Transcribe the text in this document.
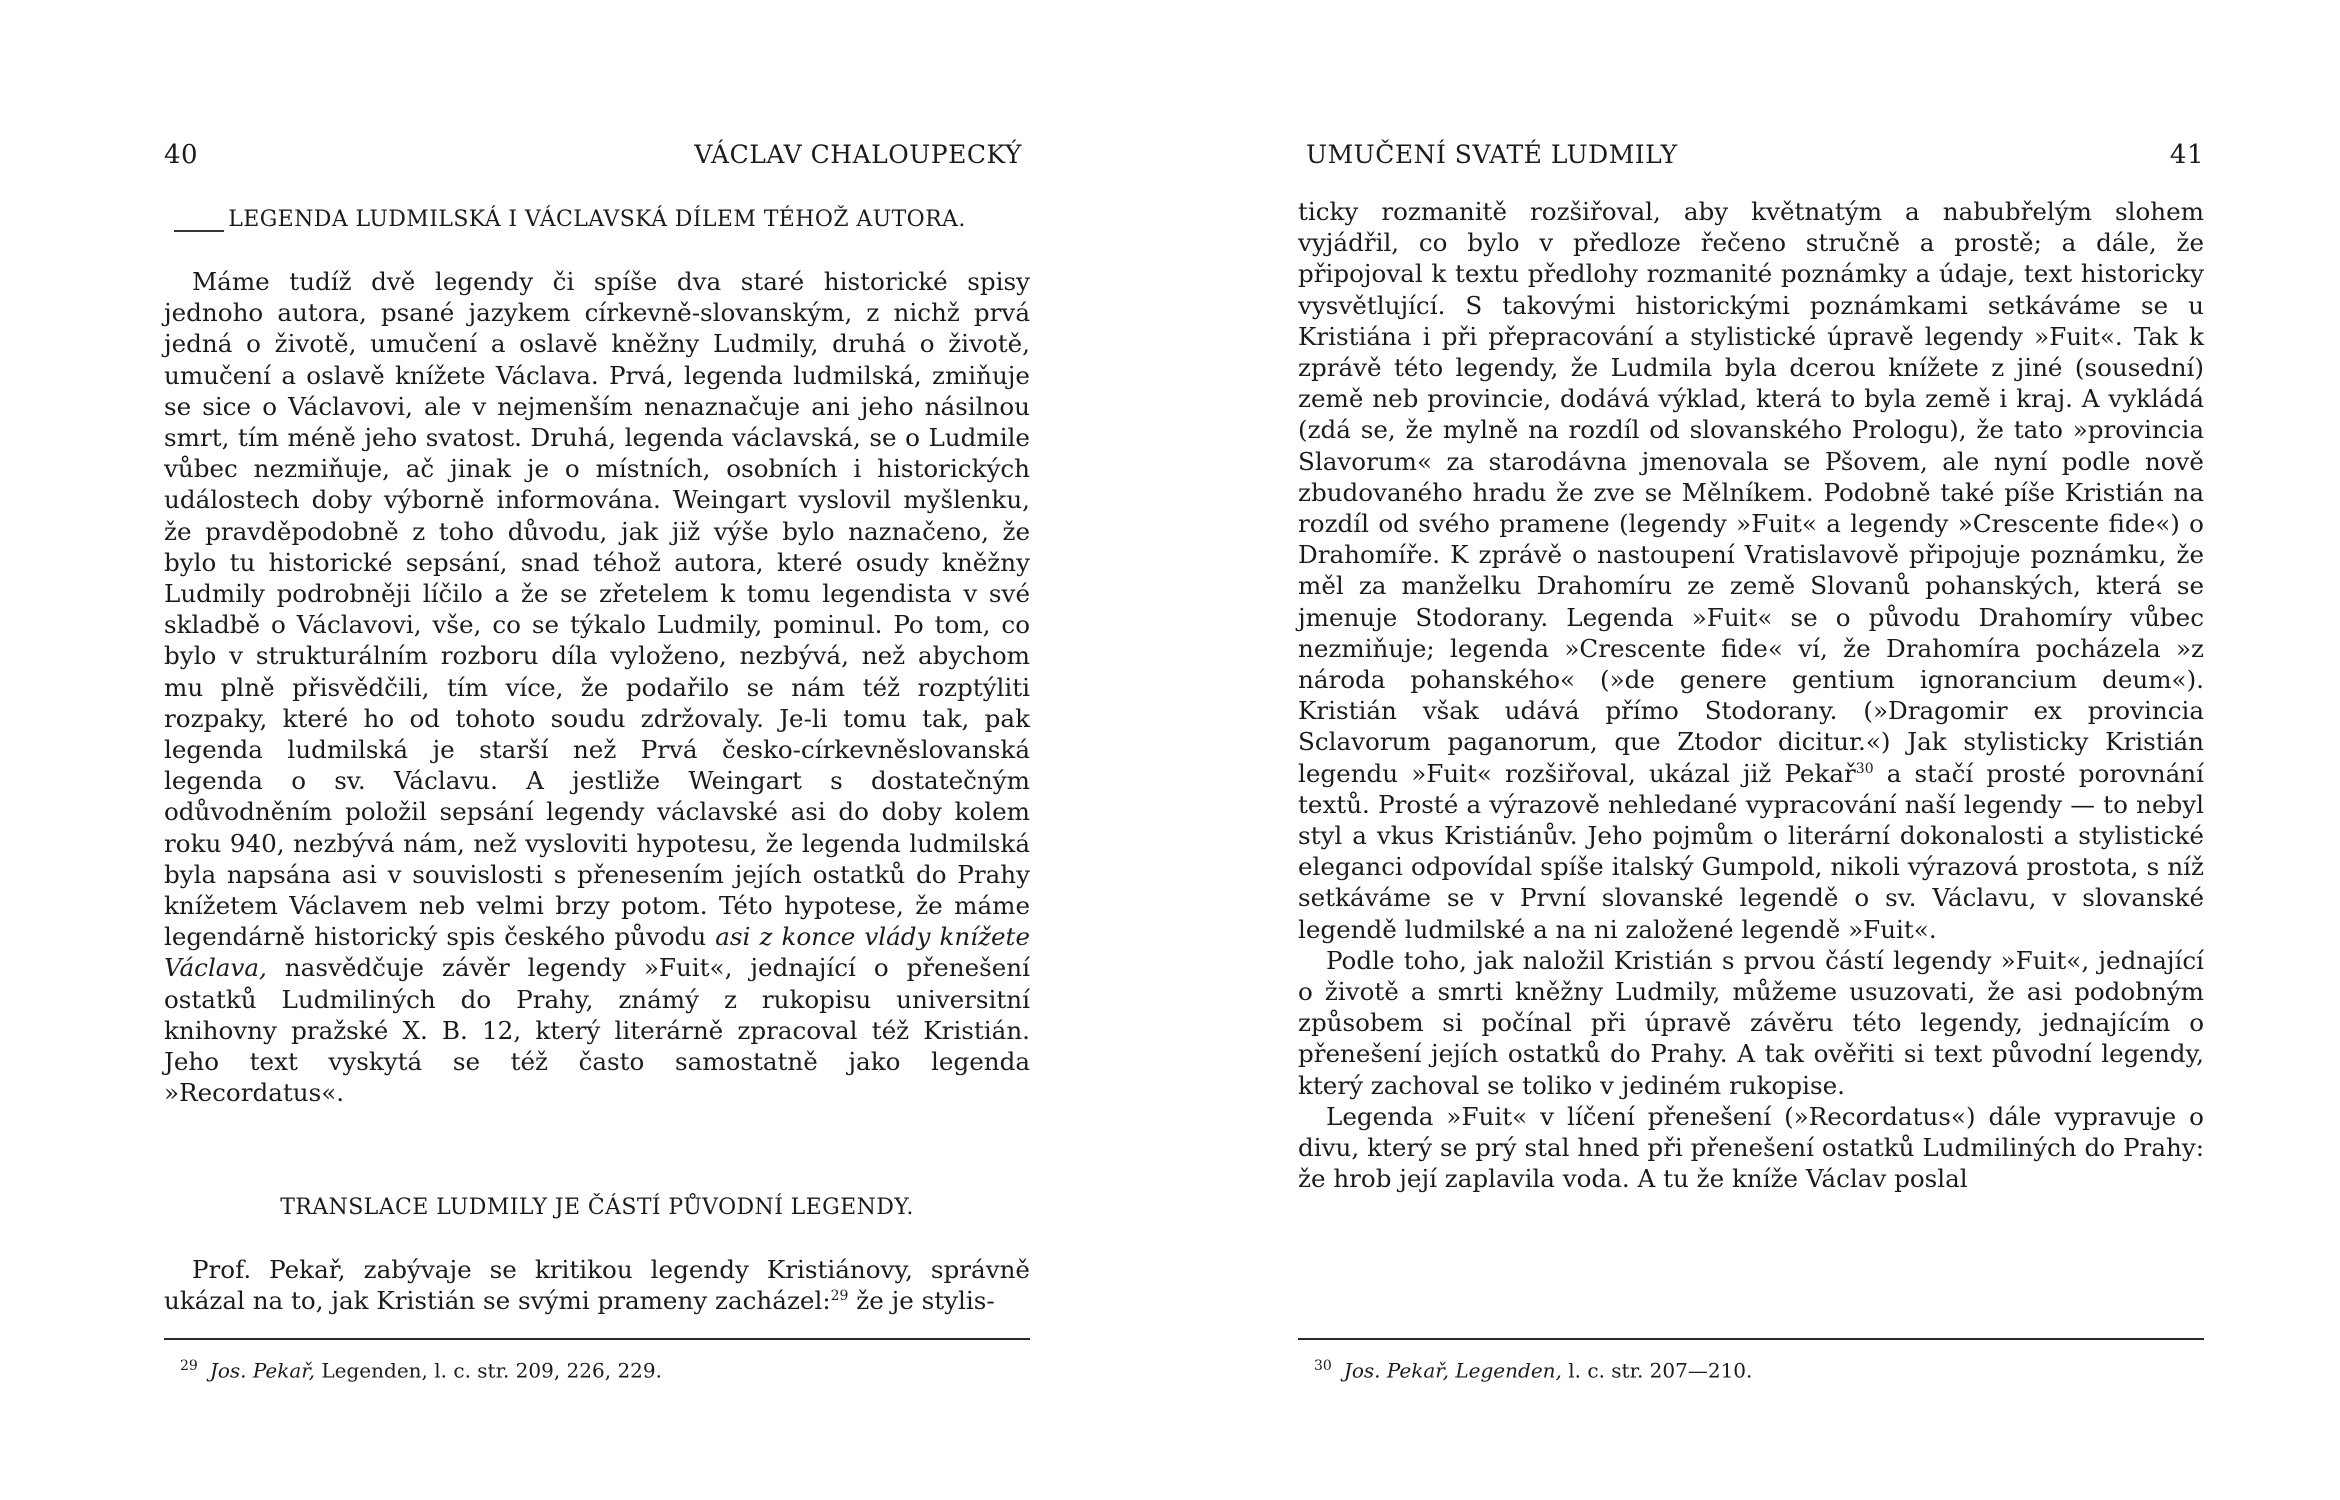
40	VÁCLAV CHALOUPECKÝ

LEGENDA LUDMILSKÁ I VÁCLAVSKÁ DÍLEM TÉHOŽ AUTORA.

Máme tudíž dvě legendy či spíše dva staré historické spisy jednoho autora, psané jazykem církevně-slovanským, z nichž prvá jedná o životě, umučení a oslavě kněžny Ludmily, druhá o životě, umučení a oslavě knížete Václava. Prvá, legenda ludmilská, zmiňuje se sice o Václavovi, ale v nejmenším nenaznačuje ani jeho násilnou smrt, tím méně jeho svatost. Druhá, legenda václavská, se o Ludmile vůbec nezmiňuje, ač jinak je o místních, osobních i historických událostech doby výborně informována. Weingart vyslovil myšlenku, že pravděpodobně z toho důvodu, jak již výše bylo naznačeno, že bylo tu historické sepsání, snad téhož autora, které osudy kněžny Ludmily podrobněji líčilo a že se zřetelem k tomu legendista v své skladbě o Václavovi, vše, co se týkalo Ludmily, pominul. Po tom, co bylo v strukturálním rozboru díla vyloženo, nezbývá, než abychom mu plně přisvědčili, tím více, že podařilo se nám též rozptýliti rozpaky, které ho od tohoto soudu zdržovaly. Je-li tomu tak, pak legenda ludmilská je starší než Prvá česko-církevněslovanská legenda o sv. Václavu. A jestliže Weingart s dostatečným odůvodněním položil sepsání legendy václavské asi do doby kolem roku 940, nezbývá nám, než vysloviti hypotesu, že legenda ludmilská byla napsána asi v souvislosti s přenesením jejích ostatků do Prahy knížetem Václavem neb velmi brzy potom. Této hypotese, že máme legendárně historický spis českého původu asi z konce vlády knížete Václava, nasvědčuje závěr legendy »Fuit«, jednající o přenešení ostatků Ludmiliných do Prahy, známý z rukopisu universitní knihovny pražské X. B. 12, který literárně zpracoval též Kristián. Jeho text vyskytá se též často samostatně jako legenda »Recordatus«.

TRANSLACE LUDMILY JE ČÁSTÍ PŮVODNÍ LEGENDY.

Prof. Pekař, zabývaje se kritikou legendy Kristiánovy, správně ukázal na to, jak Kristián se svými prameny zacházel:$^{29}$ že je stylis-

$^{29}$ Jos. Pekař, Legenden, l. c. str. 209, 226, 229.
UMUČENÍ SVATÉ LUDMILY	41

ticky rozmanitě rozšiřoval, aby květnatým a nabubřelým slohem vyjádřil, co bylo v předloze řečeno stručně a prostě; a dále, že připojoval k textu předlohy rozmanité poznámky a údaje, text historicky vysvětlující. S takovými historickými poznámkami setkáváme se u Kristiána i při přepracování a stylistické úpravě legendy »Fuit«. Tak k zprávě této legendy, že Ludmila byla dcerou knížete z jiné (sousední) země neb provincie, dodává výklad, která to byla země i kraj. A vykládá (zdá se, že mylně na rozdíl od slovanského Prologu), že tato »provincia Slavorum« za starodávna jmenovala se Pšovem, ale nyní podle nově zbudovaného hradu že zve se Mělníkem. Podobně také píše Kristián na rozdíl od svého pramene (legendy »Fuit« a legendy »Crescente fide«) o Drahomíře. K zprávě o nastoupení Vratislavově připojuje poznámku, že měl za manželku Drahomíru ze země Slovanů pohanských, která se jmenuje Stodorany. Legenda »Fuit« se o původu Drahomíry vůbec nezmiňuje; legenda »Crescente fide« ví, že Drahomíra pocházela »z národa pohanského« (»de genere gentium ignorancium deum«). Kristián však udává přímo Stodorany. (»Dragomir ex provincia Sclavorum paganorum, que Ztodor dicitur.«) Jak stylisticky Kristián legendu »Fuit« rozšiřoval, ukázal již Pekař$^{30}$ a stačí prosté porovnání textů. Prosté a výrazově nehledané vypracování naší legendy — to nebyl styl a vkus Kristiánův. Jeho pojmům o literární dokonalosti a stylistické eleganci odpovídal spíše italský Gumpold, nikoli výrazová prostota, s níž setkáváme se v První slovanské legendě o sv. Václavu, v slovanské legendě ludmilské a na ni založené legendě »Fuit«.

Podle toho, jak naložil Kristián s prvou částí legendy »Fuit«, jednající o životě a smrti kněžny Ludmily, můžeme usuzovati, že asi podobným způsobem si počínal při úpravě závěru této legendy, jednajícím o přenešení jejích ostatků do Prahy. A tak ověřiti si text původní legendy, který zachoval se toliko v jediném rukopise.

Legenda »Fuit« v líčení přenešení (»Recordatus«) dále vypravuje o divu, který se prý stal hned při přenešení ostatků Ludmiliných do Prahy: že hrob její zaplavila voda. A tu že kníže Václav poslal

$^{30}$ Jos. Pekař, Legenden, l. c. str. 207—210.
